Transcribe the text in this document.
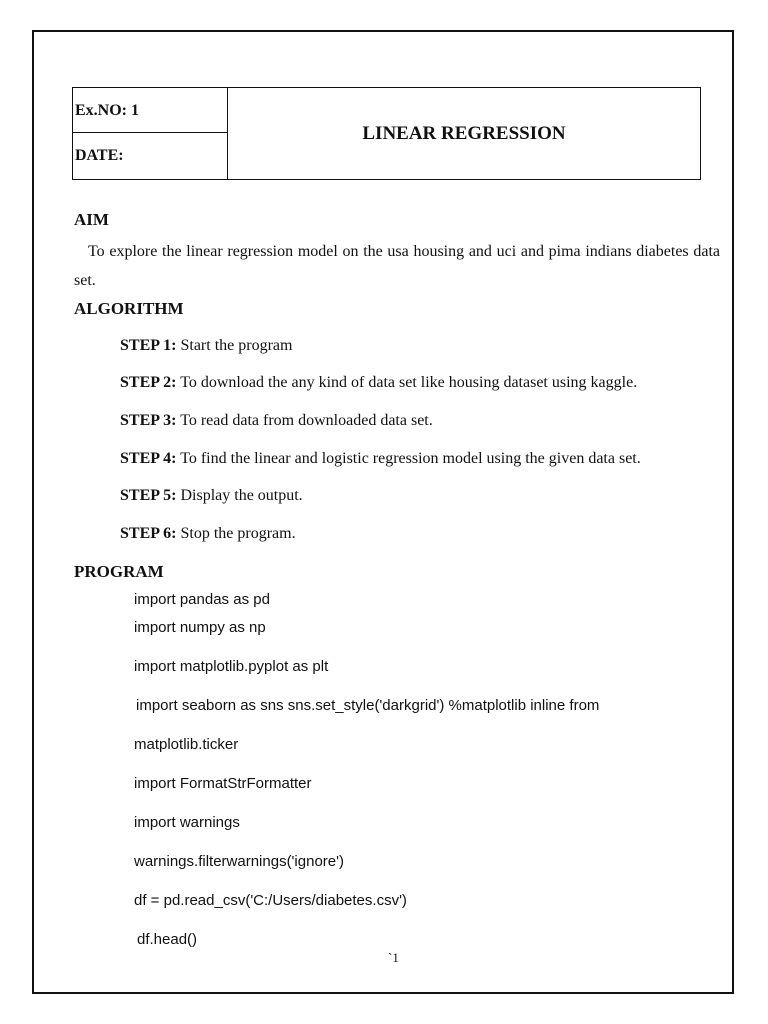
Ex.NO: 1
DATE:
LINEAR REGRESSION
AIM
To explore the linear regression model on the usa housing and uci and pima indians diabetes data set.
ALGORITHM
STEP 1: Start the program
STEP 2: To download the any kind of data set like housing dataset using kaggle.
STEP 3: To read data from downloaded data set.
STEP 4: To find the linear and logistic regression model using the given data set.
STEP 5: Display the output.
STEP 6: Stop the program.
PROGRAM
import pandas as pd
import numpy as np
import matplotlib.pyplot as plt
import seaborn as sns sns.set_style('darkgrid') %matplotlib inline from
matplotlib.ticker
import FormatStrFormatter
import warnings
warnings.filterwarnings('ignore')
df = pd.read_csv('C:/Users/diabetes.csv')
df.head()
`1
